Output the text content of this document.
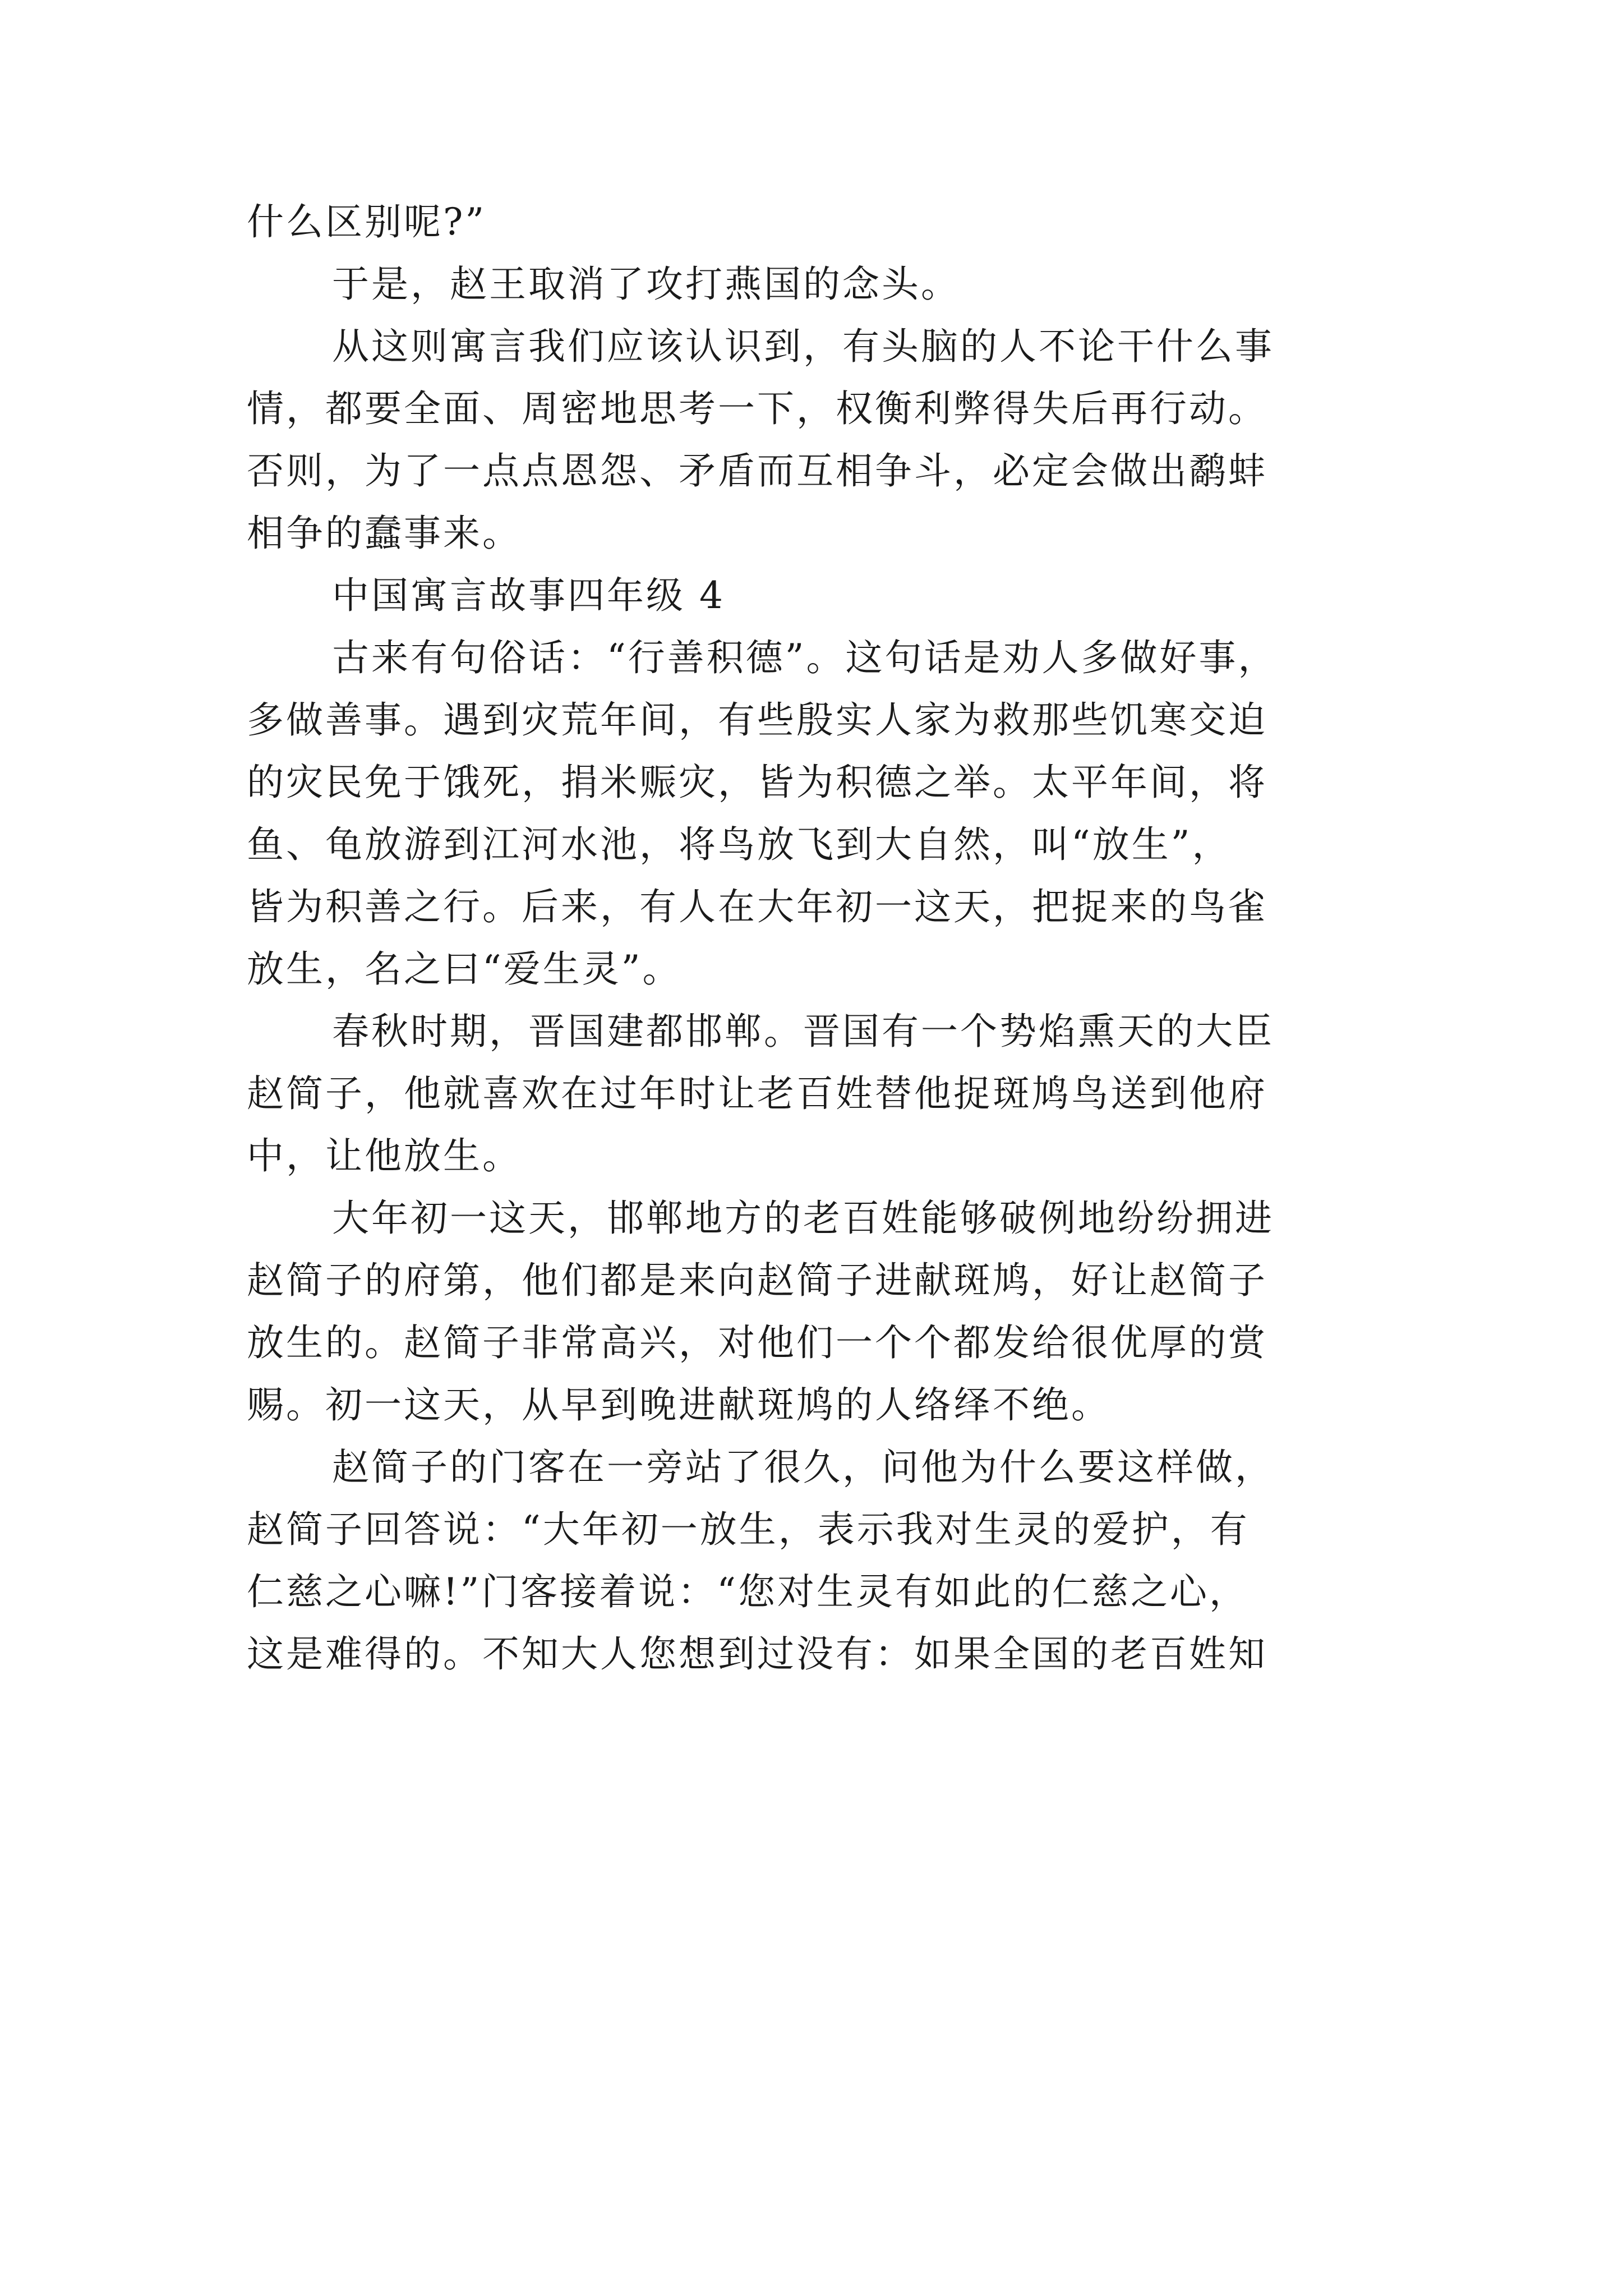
什么区别呢?”

于是，赵王取消了攻打燕国的念头。

从这则寓言我们应该认识到，有头脑的人不论干什么事
情，都要全面、周密地思考一下，权衡利弊得失后再行动。
否则，为了一点点恩怨、矛盾而互相争斗，必定会做出鹬蚌
相争的蠢事来。

中国寓言故事四年级 4

古来有句俗话：“行善积德”。这句话是劝人多做好事，
多做善事。遇到灾荒年间，有些殷实人家为救那些饥寒交迫
的灾民免于饿死，捐米赈灾，皆为积德之举。太平年间，将
鱼、龟放游到江河水池，将鸟放飞到大自然，叫“放生”，
皆为积善之行。后来，有人在大年初一这天，把捉来的鸟雀
放生，名之曰“爱生灵”。

春秋时期，晋国建都邯郸。晋国有一个势焰熏天的大臣
赵简子，他就喜欢在过年时让老百姓替他捉斑鸠鸟送到他府
中，让他放生。

大年初一这天，邯郸地方的老百姓能够破例地纷纷拥进
赵简子的府第，他们都是来向赵简子进献斑鸠，好让赵简子
放生的。赵简子非常高兴，对他们一个个都发给很优厚的赏
赐。初一这天，从早到晚进献斑鸠的人络绎不绝。

赵简子的门客在一旁站了很久，问他为什么要这样做，
赵简子回答说：“大年初一放生，表示我对生灵的爱护，有
仁慈之心嘛!”门客接着说：“您对生灵有如此的仁慈之心，
这是难得的。不知大人您想到过没有：如果全国的老百姓知
